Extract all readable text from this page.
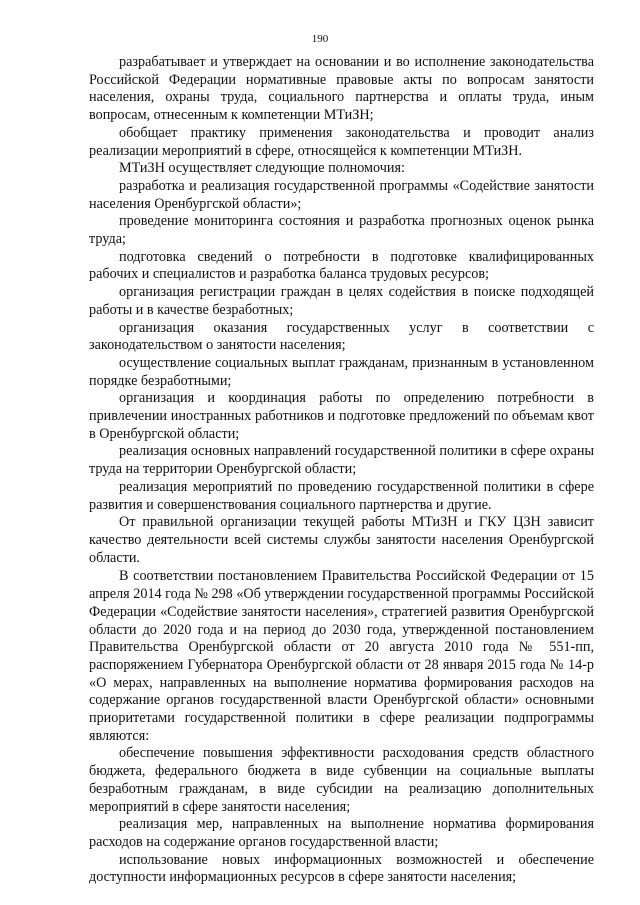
190

разрабатывает и утверждает на основании и во исполнение законодательства Российской Федерации нормативные правовые акты по вопросам занятости населения, охраны труда, социального партнерства и оплаты труда, иным вопросам, отнесенным к компетенции МТиЗН;

обобщает практику применения законодательства и проводит анализ реализации мероприятий в сфере, относящейся к компетенции МТиЗН.

МТиЗН осуществляет следующие полномочия:

разработка и реализация государственной программы «Содействие занятости населения Оренбургской области»;

проведение мониторинга состояния и разработка прогнозных оценок рынка труда;

подготовка сведений о потребности в подготовке квалифицированных рабочих и специалистов и разработка баланса трудовых ресурсов;

организация регистрации граждан в целях содействия в поиске подходящей работы и в качестве безработных;

организация оказания государственных услуг в соответствии с законодательством о занятости населения;

осуществление социальных выплат гражданам, признанным в установленном порядке безработными;

организация и координация работы по определению потребности в привлечении иностранных работников и подготовке предложений по объемам квот в Оренбургской области;

реализация основных направлений государственной политики в сфере охраны труда на территории Оренбургской области;

реализация мероприятий по проведению государственной политики в сфере развития и совершенствования социального партнерства и другие.

От правильной организации текущей работы МТиЗН и ГКУ ЦЗН зависит качество деятельности всей системы службы занятости населения Оренбургской области.

В соответствии постановлением Правительства Российской Федерации от 15 апреля 2014 года № 298 «Об утверждении государственной программы Российской Федерации «Содействие занятости населения», стратегией развития Оренбургской области до 2020 года и на период до 2030 года, утвержденной постановлением Правительства Оренбургской области от 20 августа 2010 года № 551-пп, распоряжением Губернатора Оренбургской области от 28 января 2015 года № 14-р «О мерах, направленных на выполнение норматива формирования расходов на содержание органов государственной власти Оренбургской области» основными приоритетами государственной политики в сфере реализации подпрограммы являются:

обеспечение повышения эффективности расходования средств областного бюджета, федерального бюджета в виде субвенции на социальные выплаты безработным гражданам, в виде субсидии на реализацию дополнительных мероприятий в сфере занятости населения;

реализация мер, направленных на выполнение норматива формирования расходов на содержание органов государственной власти;

использование новых информационных возможностей и обеспечение доступности информационных ресурсов в сфере занятости населения;
